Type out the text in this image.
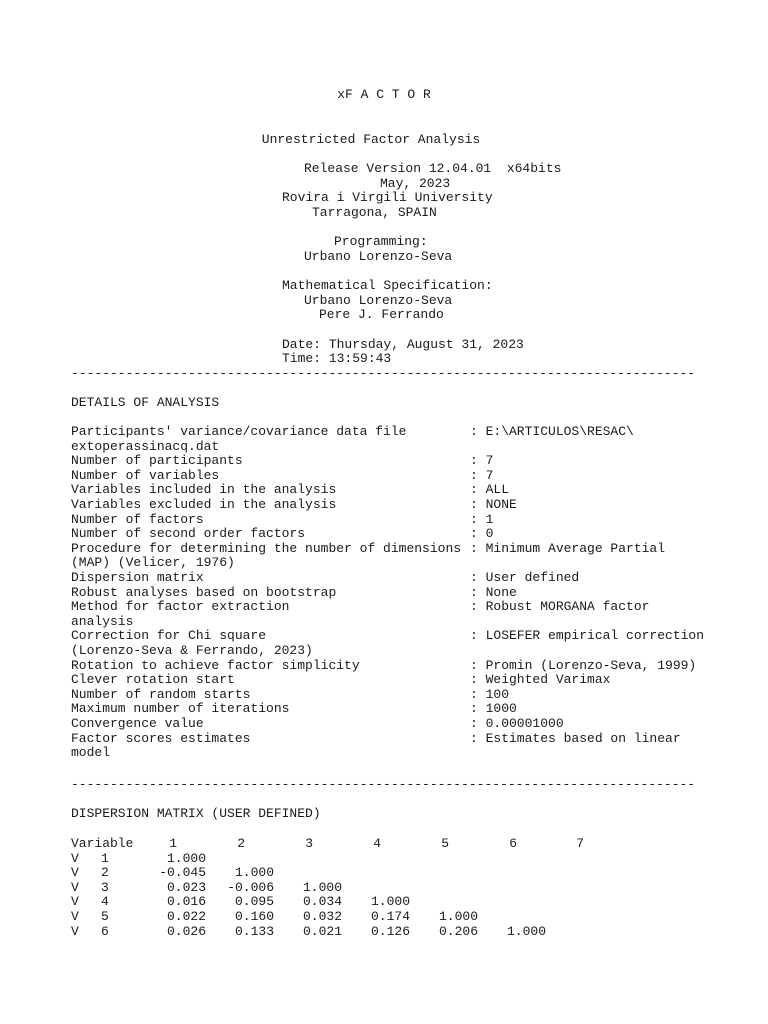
xF A C T O R
Unrestricted Factor Analysis
Release Version 12.04.01  x64bits
May, 2023
Rovira i Virgili University
Tarragona, SPAIN
Programming:
Urbano Lorenzo-Seva
Mathematical Specification:
Urbano Lorenzo-Seva
Pere J. Ferrando
Date: Thursday, August 31, 2023
Time: 13:59:43
--------------------------------------------------------------------------------
DETAILS OF ANALYSIS
Participants' variance/covariance data file	: E:\ARTICULOS\RESAC\
extoperassinacq.dat
Number of participants	: 7
Number of variables	: 7
Variables included in the analysis	: ALL
Variables excluded in the analysis	: NONE
Number of factors	: 1
Number of second order factors	: 0
Procedure for determining the number of dimensions : Minimum Average Partial
(MAP) (Velicer, 1976)
Dispersion matrix	: User defined
Robust analyses based on bootstrap	: None
Method for factor extraction	: Robust MORGANA factor
analysis
Correction for Chi square	: LOSEFER empirical correction
(Lorenzo-Seva & Ferrando, 2023)
Rotation to achieve factor simplicity	: Promin (Lorenzo-Seva, 1999)
Clever rotation start	: Weighted Varimax
Number of random starts	: 100
Maximum number of iterations	: 1000
Convergence value	: 0.00001000
Factor scores estimates	: Estimates based on linear
model
--------------------------------------------------------------------------------
DISPERSION MATRIX (USER DEFINED)
Variable	1	2	3	4	5	6	7
V 1	1.000
V 2	-0.045	1.000
V 3	0.023	-0.006	1.000
V 4	0.016	0.095	0.034	1.000
V 5	0.022	0.160	0.032	0.174	1.000
V 6	0.026	0.133	0.021	0.126	0.206	1.000
